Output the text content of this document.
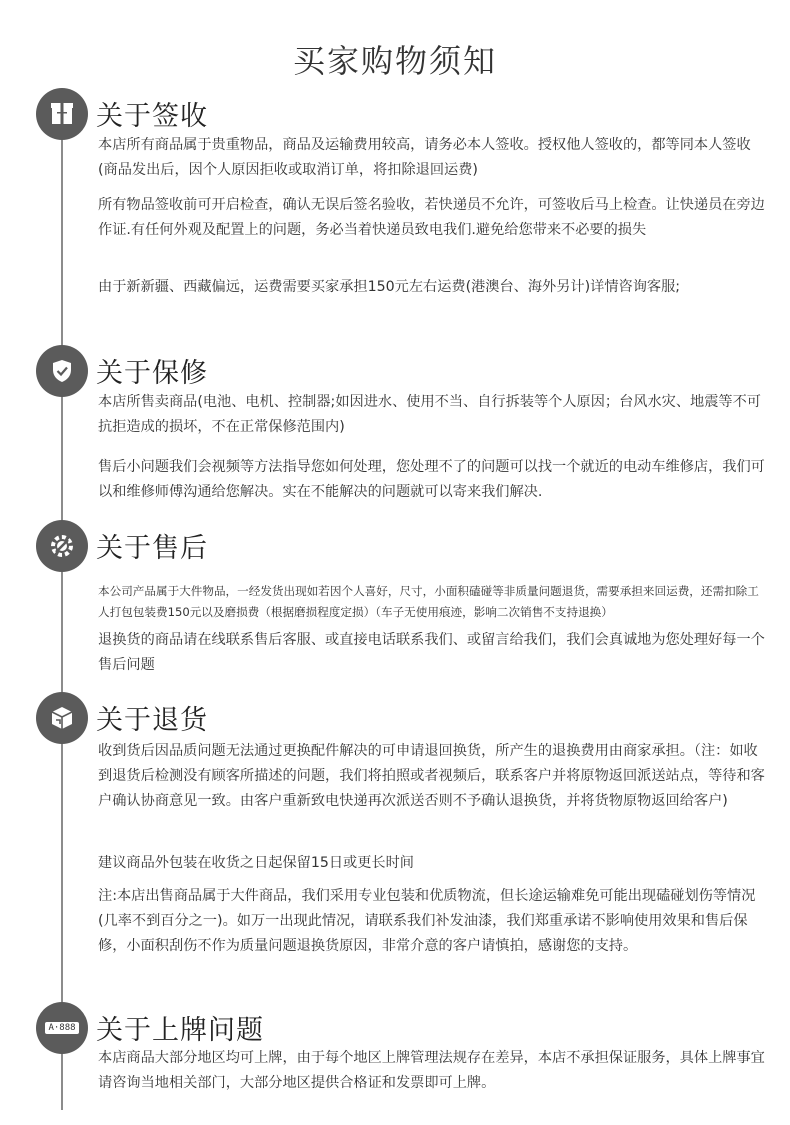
买家购物须知
关于签收
本店所有商品属于贵重物品，商品及运输费用较高，请务必本人签收。授权他人签收的，都等同本人签收(商品发出后，因个人原因拒收或取消订单，将扣除退回运费)
所有物品签收前可开启检查，确认无误后签名验收，若快递员不允许，可签收后马上检查。让快递员在旁边作证.有任何外观及配置上的问题，务必当着快递员致电我们.避免给您带来不必要的损失
由于新新疆、西藏偏远，运费需要买家承担150元左右运费(港澳台、海外另计)详情咨询客服;
关于保修
本店所售卖商品(电池、电机、控制器;如因进水、使用不当、自行拆装等个人原因；台风水灾、地震等不可抗拒造成的损坏，不在正常保修范围内)
售后小问题我们会视频等方法指导您如何处理，您处理不了的问题可以找一个就近的电动车维修店，我们可以和维修师傅沟通给您解决。实在不能解决的问题就可以寄来我们解决.
关于售后
本公司产品属于大件物品，一经发货出现如若因个人喜好，尺寸，小面积磕碰等非质量问题退货，需要承担来回运费，还需扣除工人打包包装费150元以及磨损费（根据磨损程度定损）（车子无使用痕迹，影响二次销售不支持退换）
退换货的商品请在线联系售后客服、或直接电话联系我们、或留言给我们，我们会真诚地为您处理好每一个售后问题
关于退货
收到货后因品质问题无法通过更换配件解决的可申请退回换货，所产生的退换费用由商家承担。（注：如收到退货后检测没有顾客所描述的问题，我们将拍照或者视频后，联系客户并将原物返回派送站点，等待和客户确认协商意见一致。由客户重新致电快递再次派送否则不予确认退换货，并将货物原物返回给客户)
建议商品外包装在收货之日起保留15日或更长时间
注:本店出售商品属于大件商品，我们采用专业包装和优质物流，但长途运输难免可能出现磕碰划伤等情况(几率不到百分之一)。如万一出现此情况，请联系我们补发油漆，我们郑重承诺不影响使用效果和售后保修，小面积刮伤不作为质量问题退换货原因，非常介意的客户请慎拍，感谢您的支持。
A·888 关于上牌问题
本店商品大部分地区均可上牌，由于每个地区上牌管理法规存在差异，本店不承担保证服务，具体上牌事宜请咨询当地相关部门，大部分地区提供合格证和发票即可上牌。
